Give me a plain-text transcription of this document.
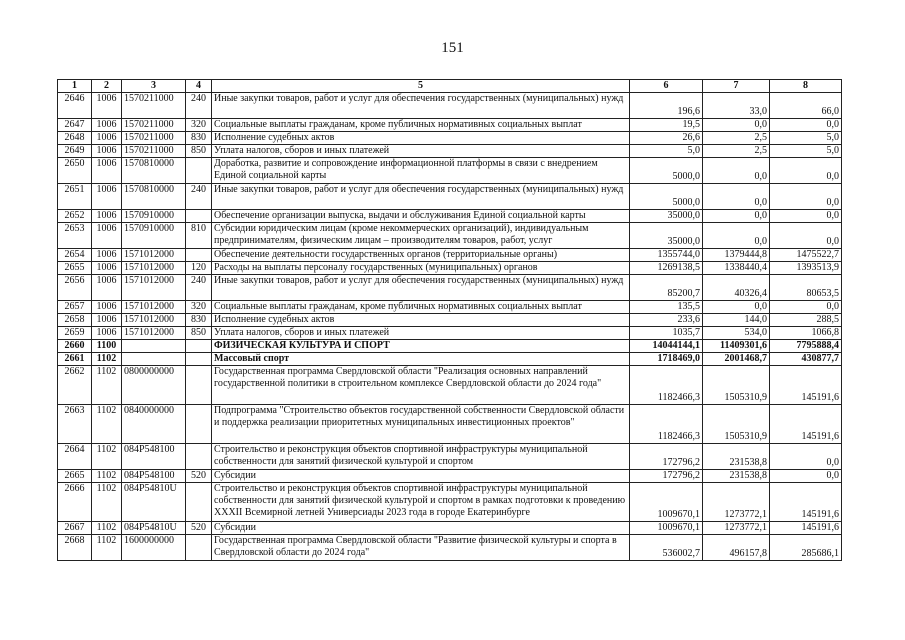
151
1	2	3	4	5	6	7	8
2646	1006	1570211000	240	Иные закупки товаров, работ и услуг для обеспечения государственных (муниципальных) нужд	196,6	33,0	66,0
2647	1006	1570211000	320	Социальные выплаты гражданам, кроме публичных нормативных социальных выплат	19,5	0,0	0,0
2648	1006	1570211000	830	Исполнение судебных актов	26,6	2,5	5,0
2649	1006	1570211000	850	Уплата налогов, сборов и иных платежей	5,0	2,5	5,0
2650	1006	1570810000		Доработка, развитие и сопровождение информационной платформы в связи с внедрением Единой социальной карты	5000,0	0,0	0,0
2651	1006	1570810000	240	Иные закупки товаров, работ и услуг для обеспечения государственных (муниципальных) нужд	5000,0	0,0	0,0
2652	1006	1570910000		Обеспечение организации выпуска, выдачи и обслуживания Единой социальной карты	35000,0	0,0	0,0
2653	1006	1570910000	810	Субсидии юридическим лицам (кроме некоммерческих организаций), индивидуальным предпринимателям, физическим лицам – производителям товаров, работ, услуг	35000,0	0,0	0,0
2654	1006	1571012000		Обеспечение деятельности государственных органов (территориальные органы)	1355744,0	1379444,8	1475522,7
2655	1006	1571012000	120	Расходы на выплаты персоналу государственных (муниципальных) органов	1269138,5	1338440,4	1393513,9
2656	1006	1571012000	240	Иные закупки товаров, работ и услуг для обеспечения государственных (муниципальных) нужд	85200,7	40326,4	80653,5
2657	1006	1571012000	320	Социальные выплаты гражданам, кроме публичных нормативных социальных выплат	135,5	0,0	0,0
2658	1006	1571012000	830	Исполнение судебных актов	233,6	144,0	288,5
2659	1006	1571012000	850	Уплата налогов, сборов и иных платежей	1035,7	534,0	1066,8
2660	1100			ФИЗИЧЕСКАЯ КУЛЬТУРА И СПОРТ	14044144,1	11409301,6	7795888,4
2661	1102			Массовый спорт	1718469,0	2001468,7	430877,7
2662	1102	0800000000		Государственная программа Свердловской области "Реализация основных направлений государственной политики в строительном комплексе Свердловской области до 2024 года"	1182466,3	1505310,9	145191,6
2663	1102	0840000000		Подпрограмма "Строительство объектов государственной собственности Свердловской области и поддержка реализации приоритетных муниципальных инвестиционных проектов"	1182466,3	1505310,9	145191,6
2664	1102	084P548100		Строительство и реконструкция объектов спортивной инфраструктуры муниципальной собственности для занятий физической культурой и спортом	172796,2	231538,8	0,0
2665	1102	084P548100	520	Субсидии	172796,2	231538,8	0,0
2666	1102	084P54810U		Строительство и реконструкция объектов спортивной инфраструктуры муниципальной собственности для занятий физической культурой и спортом в рамках подготовки к проведению XXXII Всемирной летней Универсиады 2023 года в городе Екатеринбурге	1009670,1	1273772,1	145191,6
2667	1102	084P54810U	520	Субсидии	1009670,1	1273772,1	145191,6
2668	1102	1600000000		Государственная программа Свердловской области "Развитие физической культуры и спорта в Свердловской области до 2024 года"	536002,7	496157,8	285686,1
